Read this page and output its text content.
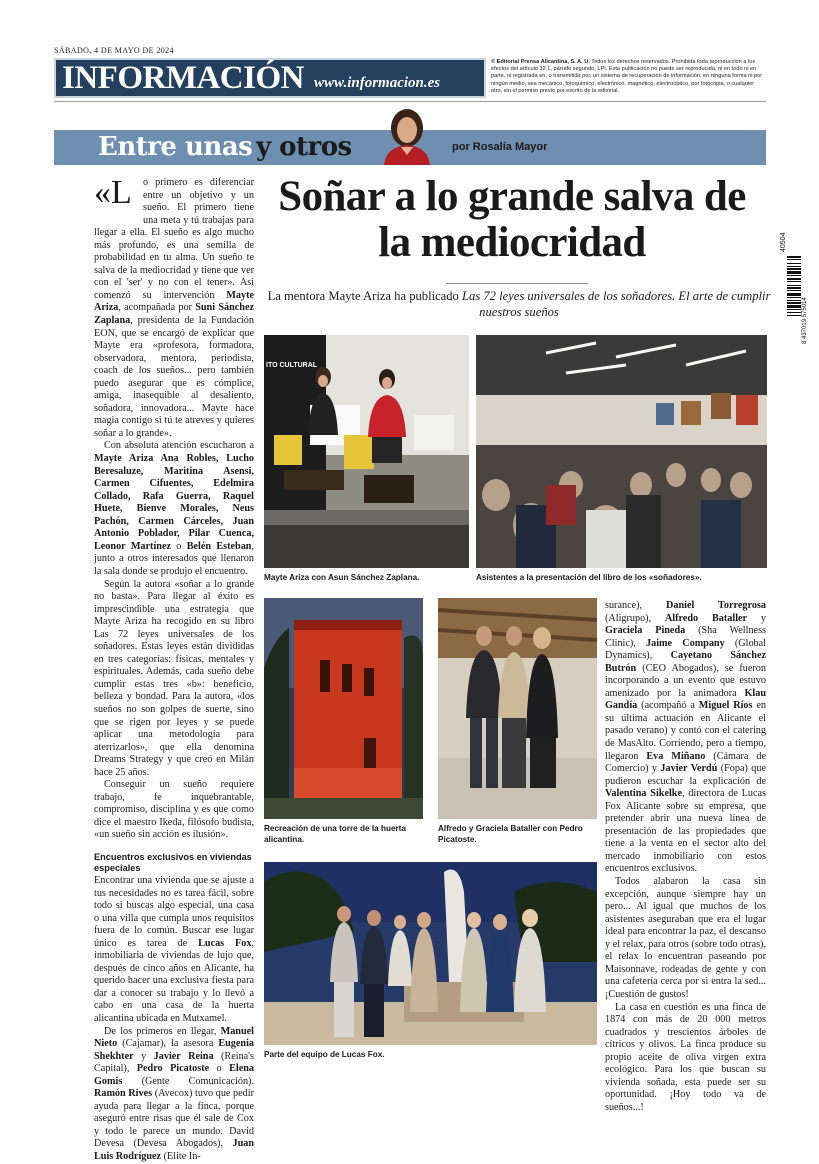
SÁBADO, 4 DE MAYO DE 2024
INFORMACIÓN www.informacion.es
© Editorial Prensa Alicantina, S. A. U. Todos los derechos reservados. Prohibida toda reproducción a los efectos del artículo 32.1, párrafo segundo, LPI. Esta publicación no puede ser reproducida, ni en todo ni en parte, ni registrada en, o transmitida por, un sistema de recuperación de información, en ninguna forma ni por ningún medio, sea mecánico, fotoquímico, electrónico, magnético, electroóptico, por fotocopia, o cualquier otro, sin el permiso previo por escrito de la editorial.
Entre unas y otros	por Rosalía Mayor
40504
8 437019 575014
«L	o primero es diferenciar entre un objetivo y un sueño. El primero tiene una meta y tú trabajas para llegar a ella. El sueño es algo mucho más profundo, es una semilla de probabilidad en tu alma. Un sueño te salva de la mediocridad y tiene que ver con el 'ser' y no con el tener». Así comenzó su intervención Mayte Ariza, acompañada por Suni Sánchez Zaplana, presidenta de la Fundación EON, que se encargó de explicar que Mayte era «profesora, formadora, observadora, mentora, periodista, coach de los sueños... pero también puedo asegurar que es cómplice, amiga, inasequible al desaliento, soñadora, innovadora... Mayte hace magia contigo si tú te atreves y quieres soñar a lo grande».

Con absoluta atención escucharon a Mayte Ariza Ana Robles, Lucho Beresaluze, Maritina Asensi, Carmen Cifuentes, Edelmira Collado, Rafa Guerra, Raquel Huete, Bienve Morales, Neus Pachón, Carmen Cárceles, Juan Antonio Poblador, Pilar Cuenca, Leonor Martínez o Belén Esteban, junto a otros interesados que llenaron la sala donde se produjo el encuentro.

Según la autora «soñar a lo grande no basta». Para llegar al éxito es imprescindible una estrategia que Mayte Ariza ha recogido en su libro Las 72 leyes universales de los soñadores. Estas leyes están divididas en tres categorías: físicas, mentales y espirituales. Además, cada sueño debe cumplir estas tres «b»: beneficio, belleza y bondad. Para la autora, «los sueños no son golpes de suerte, sino que se rigen por leyes y se puede aplicar una metodología para aterrizarlos», que ella denomina Dreams Strategy y que creó en Milán hace 25 años.

Conseguir un sueño requiere trabajo, fe inquebrantable, compromiso, disciplina y es que como dice el maestro Ikeda, filósofo budista, «un sueño sin acción es ilusión».

Encuentros exclusivos en viviendas especiales

Encontrar una vivienda que se ajuste a tus necesidades no es tarea fácil, sobre todo si buscas algo especial, una casa o una villa que cumpla unos requisitos fuera de lo común. Buscar ese lugar único es tarea de Lucas Fox, inmobiliaria de viviendas de lujo que, después de cinco años en Alicante, ha querido hacer una exclusiva fiesta para dar a conocer su trabajo y lo llevó a cabo en una casa de la huerta alicantina ubicada en Mutxamel.

De los primeros en llegar, Manuel Nieto (Cajamar), la asesora Eugenia Shekhter y Javier Reina (Reina's Capital), Pedro Picatoste o Elena Gomis (Gente Comunicación). Ramón Rives (Avecox) tuvo que pedir ayuda para llegar a la finca, porque aseguró entre risas que él sale de Cox y todo le parece un mundo. David Devesa (Devesa Abogados), Juan Luis Rodríguez (Elite In-

Soñar a lo grande salva de la mediocridad
La mentora Mayte Ariza ha publicado Las 72 leyes universales de los soñadores. El arte de cumplir nuestros sueños
ITO CULTURAL
Mayte Ariza con Asun Sánchez Zaplana.	Asistentes a la presentación del libro de los «soñadores».
Recreación de una torre de la huerta alicantina.
Alfredo y Graciela Bataller con Pedro Picatoste.
Parte del equipo de Lucas Fox.

surance), Daniel Torregrosa (Aligrupo), Alfredo Bataller y Graciela Pineda (Sha Wellness Clinic), Jaime Company (Global Dynamics), Cayetano Sánchez Butrón (CEO Abogados), se fueron incorporando a un evento que estuvo amenizado por la animadora Klau Gandía (acompañó a Miguel Ríos en su última actuación en Alicante el pasado verano) y contó con el catering de MasAlto. Corriendo, pero a tiempo, llegaron Eva Miñano (Cámara de Comercio) y Javier Verdú (Fopa) que pudieron escuchar la explicación de Valentina Sikelke, directora de Lucas Fox Alicante sobre su empresa, que pretender abrir una nueva línea de presentación de las propiedades que tiene a la venta en el sector alto del mercado inmobiliario con estos encuentros exclusivos.

Todos alabaron la casa sin excepción, aunque siempre hay un pero... Al igual que muchos de los asistentes aseguraban que era el lugar ideal para encontrar la paz, el descanso y el relax, para otros (sobre todo otras), el relax lo encuentran paseando por Maisonnave, rodeadas de gente y con una cafetería cerca por si entra la sed... ¡Cuestión de gustos!

La casa en cuestión es una finca de 1874 con más de 20 000 metros cuadrados y trescientos árboles de cítricos y olivos. La finca produce su propio aceite de oliva virgen extra ecológico. Para los que buscan su vivienda soñada, esta puede ser su oportunidad. ¡Hoy todo va de sueños...!
